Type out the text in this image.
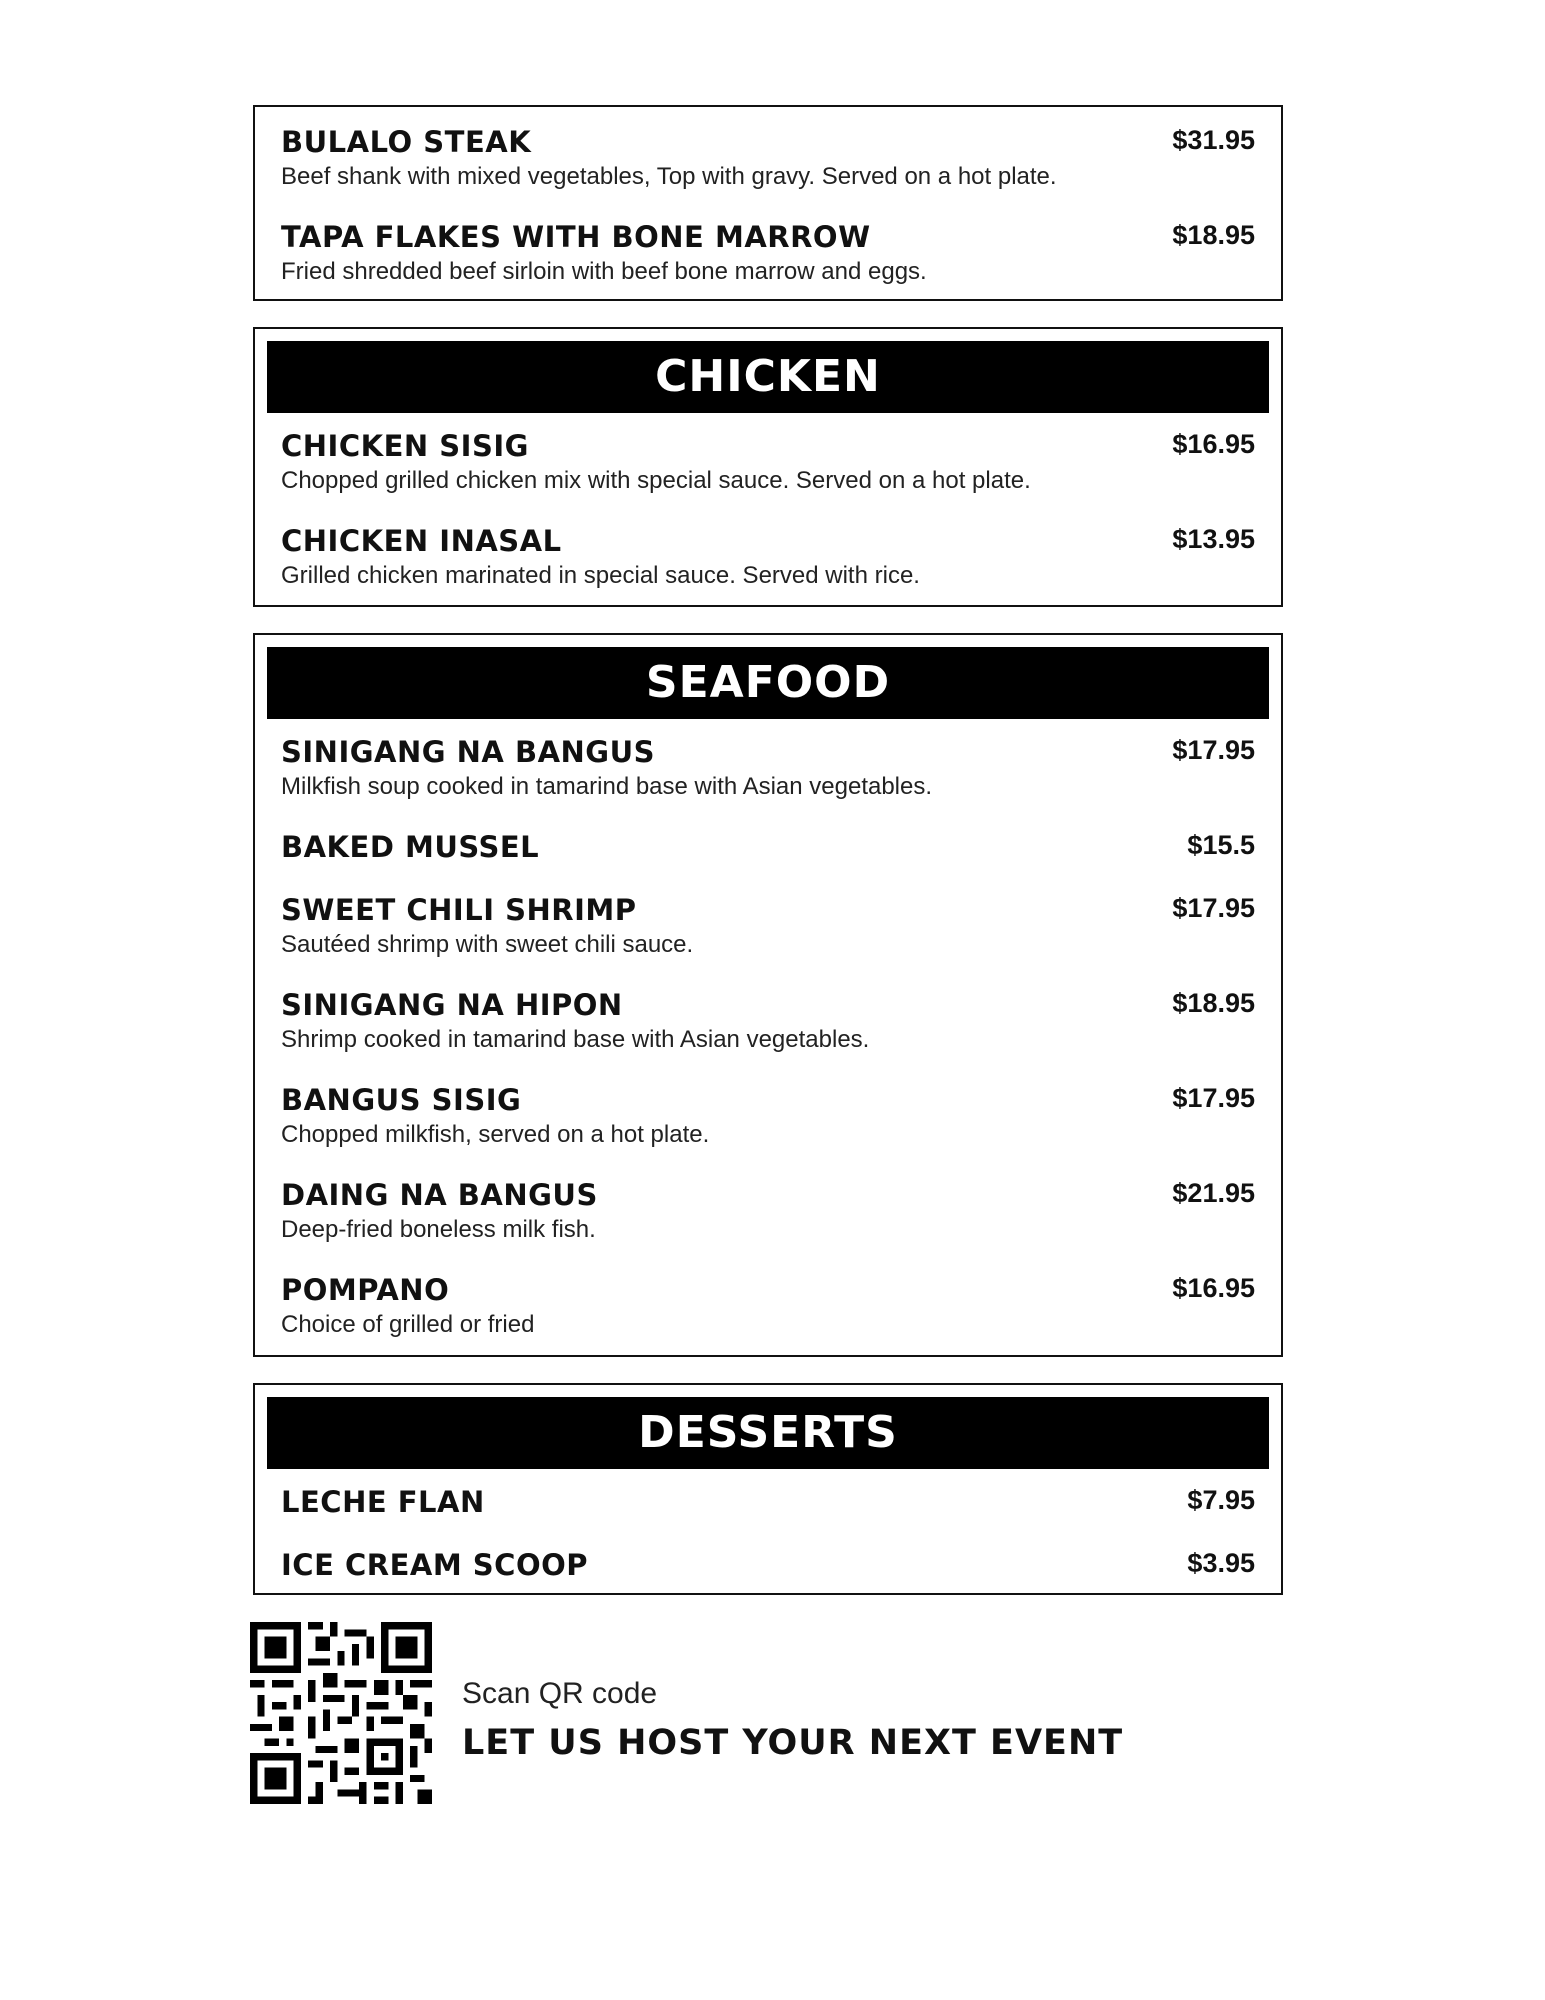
BULALO STEAK	$31.95
Beef shank with mixed vegetables, Top with gravy. Served on a hot plate.
TAPA FLAKES WITH BONE MARROW	$18.95
Fried shredded beef sirloin with beef bone marrow and eggs.
CHICKEN
CHICKEN SISIG	$16.95
Chopped grilled chicken mix with special sauce. Served on a hot plate.
CHICKEN INASAL	$13.95
Grilled chicken marinated in special sauce. Served with rice.
SEAFOOD
SINIGANG NA BANGUS	$17.95
Milkfish soup cooked in tamarind base with Asian vegetables.
BAKED MUSSEL	$15.5
SWEET CHILI SHRIMP	$17.95
Sautéed shrimp with sweet chili sauce.
SINIGANG NA HIPON	$18.95
Shrimp cooked in tamarind base with Asian vegetables.
BANGUS SISIG	$17.95
Chopped milkfish, served on a hot plate.
DAING NA BANGUS	$21.95
Deep-fried boneless milk fish.
POMPANO	$16.95
Choice of grilled or fried
DESSERTS
LECHE FLAN	$7.95
ICE CREAM SCOOP	$3.95
Scan QR code
LET US HOST YOUR NEXT EVENT
